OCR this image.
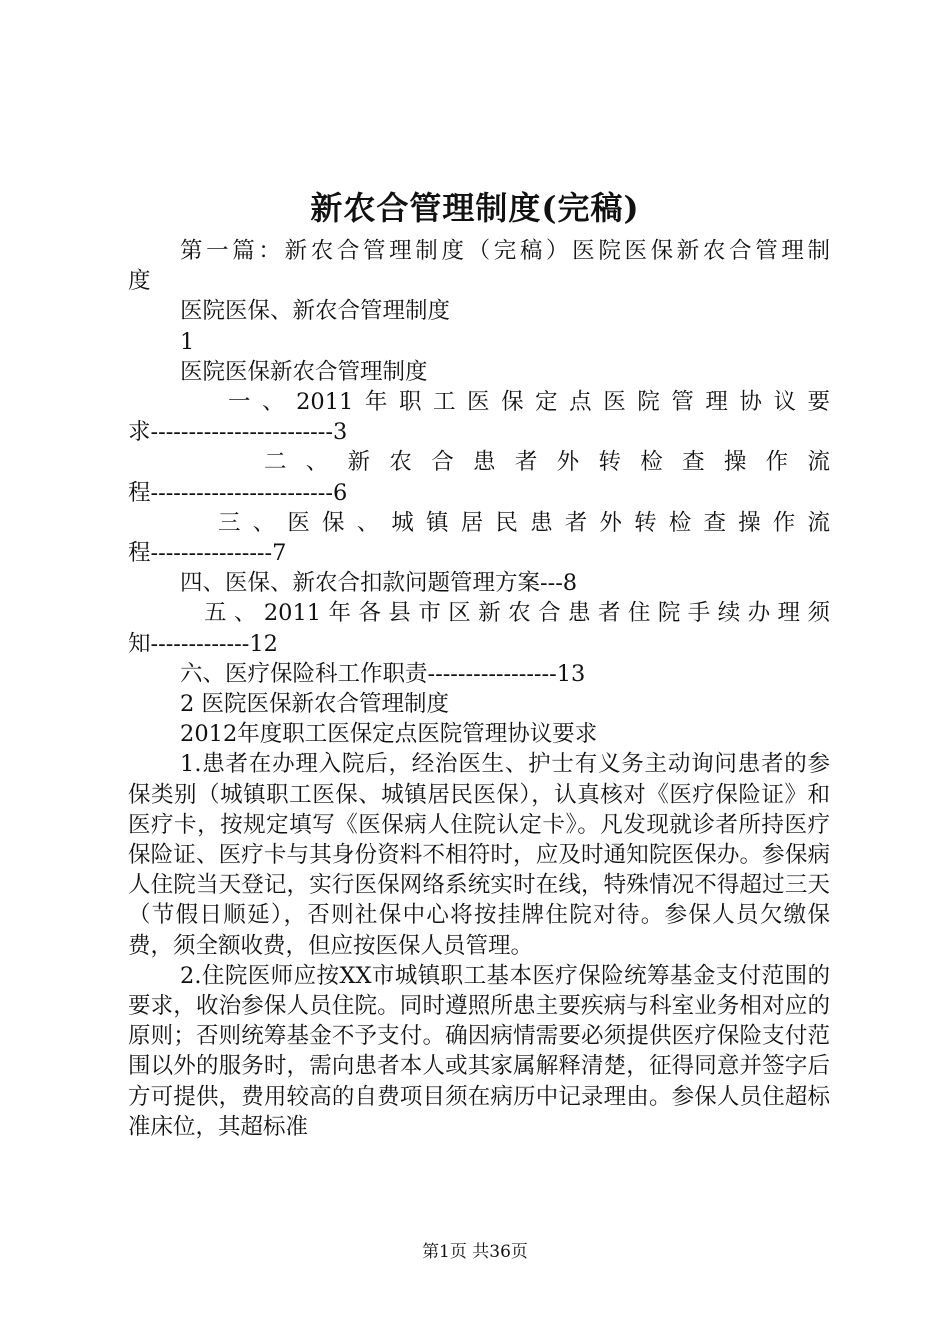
新农合管理制度(完稿)

第一篇：新农合管理制度（完稿）医院医保新农合管理制

度

医院医保、新农合管理制度

1

医院医保新农合管理制度

一、2011年职工医保定点医院管理协议要

求------------------------3

二、新农合患者外转检查操作流

程------------------------6

三、医保、城镇居民患者外转检查操作流

程----------------7

四、医保、新农合扣款问题管理方案---8

五、2011年各县市区新农合患者住院手续办理须

知-------------12

六、医疗保险科工作职责-----------------13

2 医院医保新农合管理制度

2012年度职工医保定点医院管理协议要求

1.患者在办理入院后，经治医生、护士有义务主动询问患者的参保类别（城镇职工医保、城镇居民医保），认真核对《医疗保险证》和医疗卡，按规定填写《医保病人住院认定卡》。凡发现就诊者所持医疗保险证、医疗卡与其身份资料不相符时，应及时通知院医保办。参保病人住院当天登记，实行医保网络系统实时在线，特殊情况不得超过三天（节假日顺延），否则社保中心将按挂牌住院对待。参保人员欠缴保费，须全额收费，但应按医保人员管理。

2.住院医师应按XX市城镇职工基本医疗保险统筹基金支付范围的要求，收治参保人员住院。同时遵照所患主要疾病与科室业务相对应的原则；否则统筹基金不予支付。确因病情需要必须提供医疗保险支付范围以外的服务时，需向患者本人或其家属解释清楚，征得同意并签字后方可提供，费用较高的自费项目须在病历中记录理由。参保人员住超标准床位，其超标准

第1页 共36页
